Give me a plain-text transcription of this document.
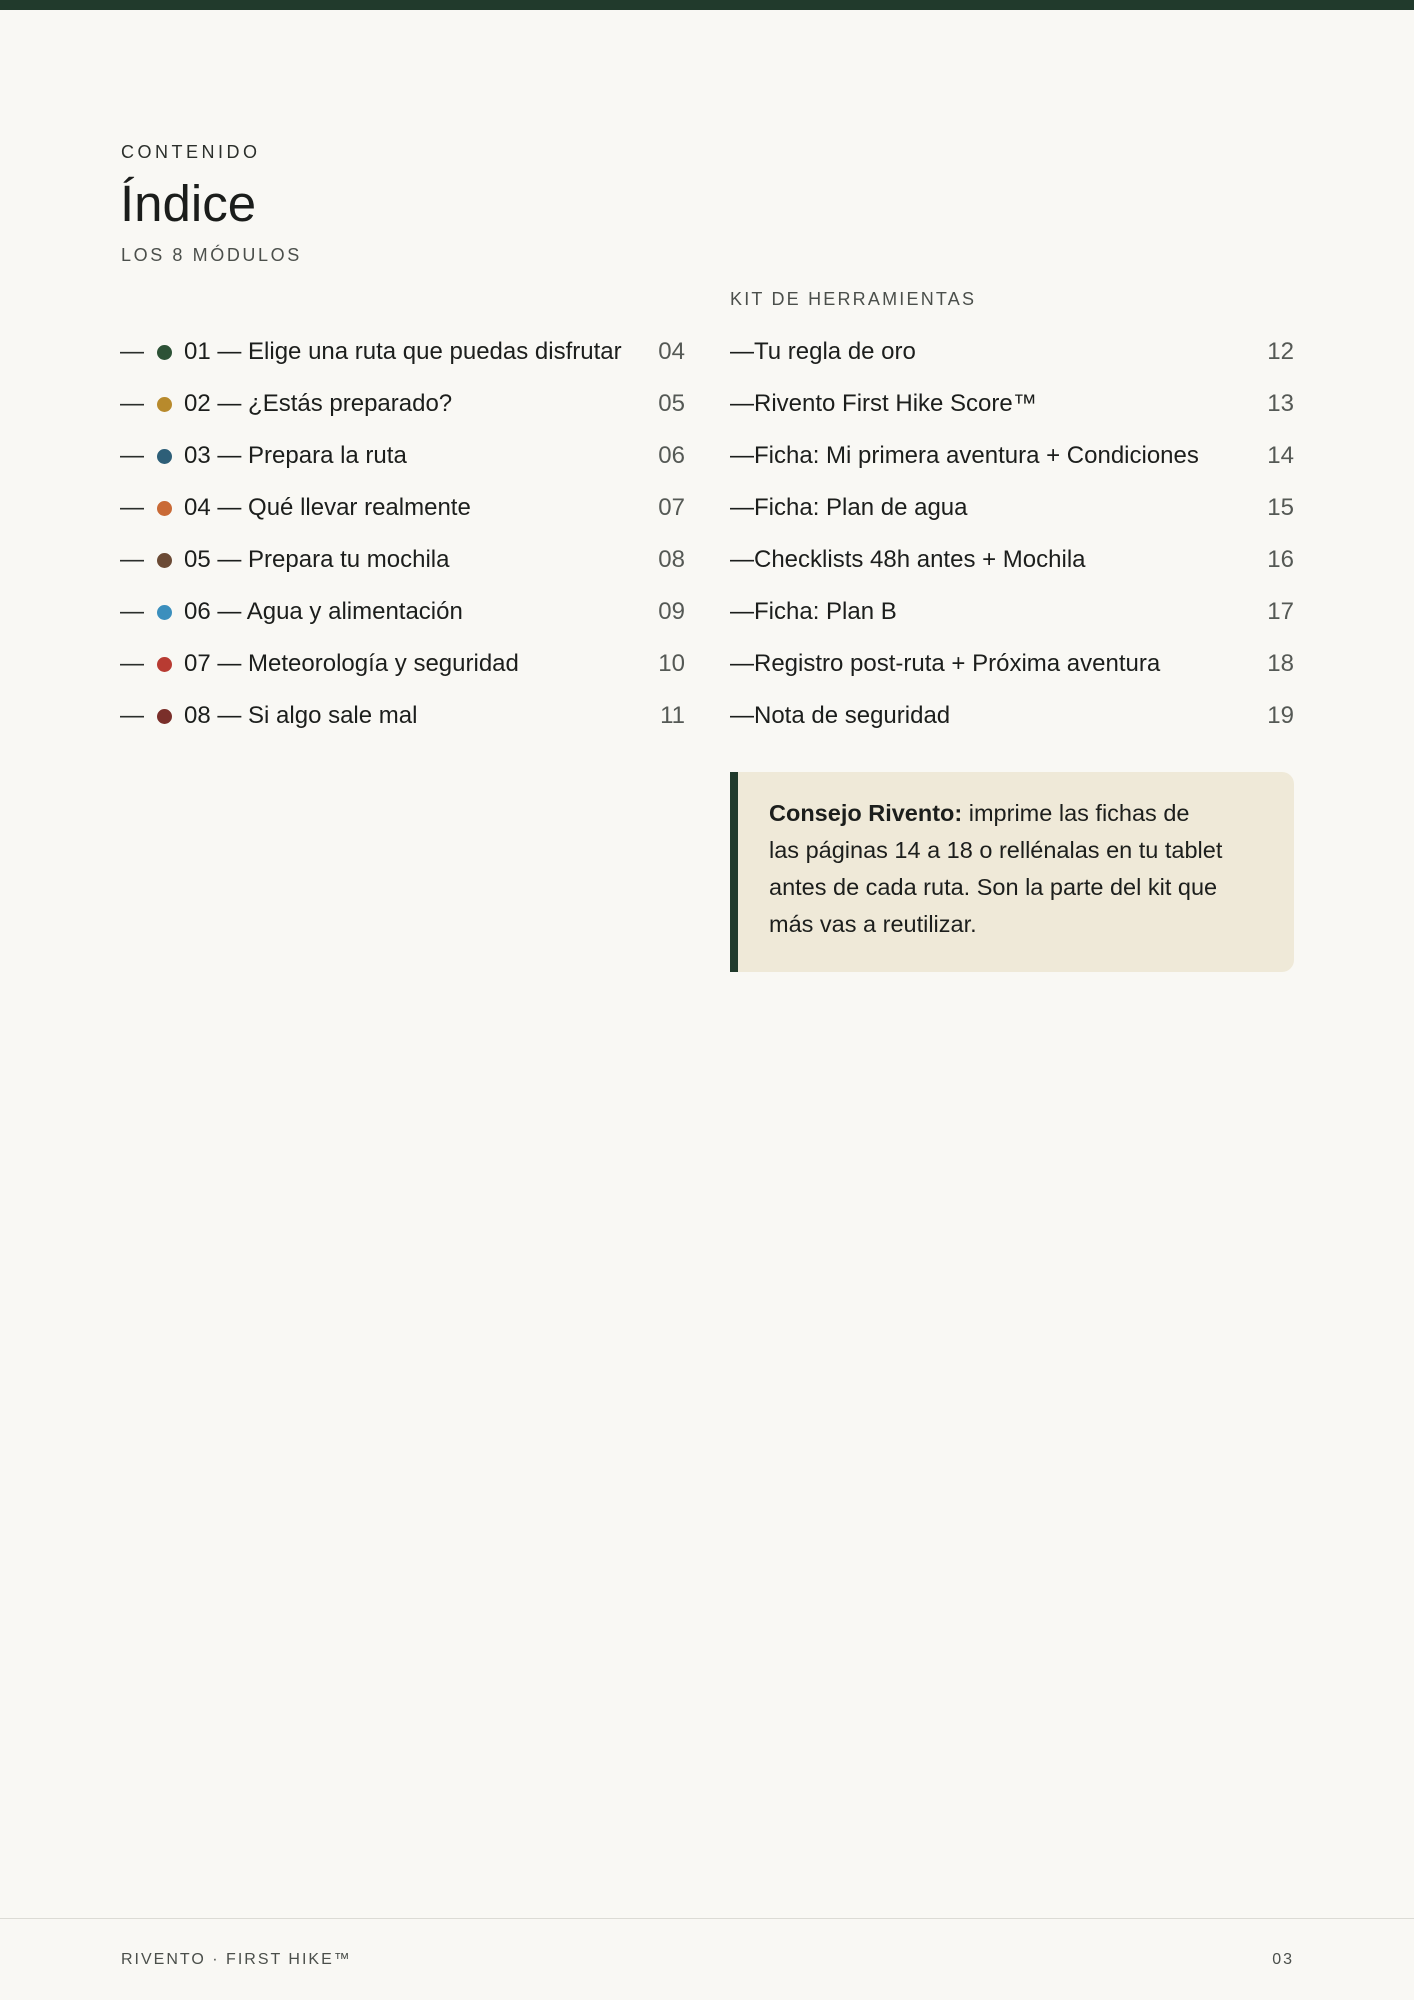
CONTENIDO
Índice
LOS 8 MÓDULOS
KIT DE HERRAMIENTAS
— 01 — Elige una ruta que puedas disfrutar	04
— 02 — ¿Estás preparado?	05
— 03 — Prepara la ruta	06
— 04 — Qué llevar realmente	07
— 05 — Prepara tu mochila	08
— 06 — Agua y alimentación	09
— 07 — Meteorología y seguridad	10
— 08 — Si algo sale mal	11
—Tu regla de oro	12
—Rivento First Hike Score™	13
—Ficha: Mi primera aventura + Condiciones	14
—Ficha: Plan de agua	15
—Checklists 48h antes + Mochila	16
—Ficha: Plan B	17
—Registro post-ruta + Próxima aventura	18
—Nota de seguridad	19
Consejo Rivento: imprime las fichas de
las páginas 14 a 18 o rellénalas en tu tablet
antes de cada ruta. Son la parte del kit que
más vas a reutilizar.
RIVENTO · FIRST HIKE™	03
